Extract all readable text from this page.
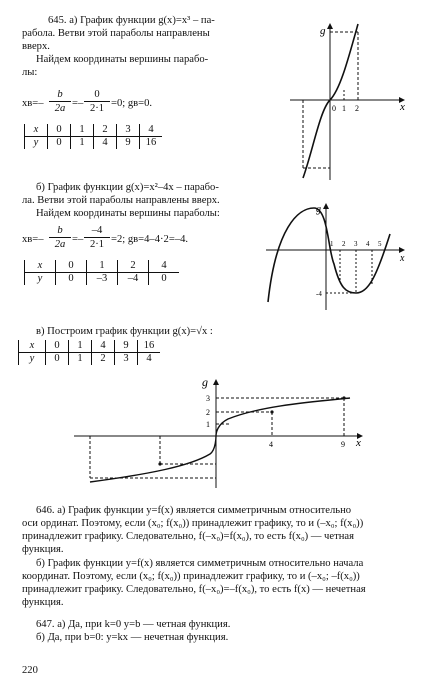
645. а) График функции g(x)=x³ – па-
рабола. Ветви этой параболы направлены
вверх.
Найдем координаты вершины парабо-
лы:
$xв=- \frac{b}{2a} =- \frac{0}{2\cdot 1} =0$; gв=0.
x	0	1	2	3	4
y	0	1	4	9	16
g
x
0 1 2
б) График функции g(x)=x²–4x – парабо-
ла. Ветви этой параболы направлены вверх.
Найдем координаты вершины параболы:
$xв=- \frac{b}{2a} =- \frac{-4}{2\cdot 1} =2$; gв=4–4·2=–4.
x	0	1	2	4
y	0	–3	–4	0
g
x
1 2 3 4 5
-4
в) Построим график функции g(x)=√x :
x	0	1	4	9	16
y	0	1	2	3	4
g
x
1
2
3
4	9
646. а) График функции y=f(x) является симметричным относительно
оси ординат. Поэтому, если (x₀; f(x₀)) принадлежит графику, то и (–x₀; f(x₀))
принадлежит графику. Следовательно, f(–x₀)=f(x₀), то есть f(x₀) — четная
функция.
б) График функции y=f(x) является симметричным относительно начала
координат. Поэтому, если (x₀; f(x₀)) принадлежит графику, то и (–x₀; –f(x₀))
принадлежит графику. Следовательно, f(–x₀)=–f(x₀), то есть f(x) — нечетная
функция.
647. а) Да, при k=0 y=b — четная функция.
б) Да, при b=0: y=kx — нечетная функция.
220
